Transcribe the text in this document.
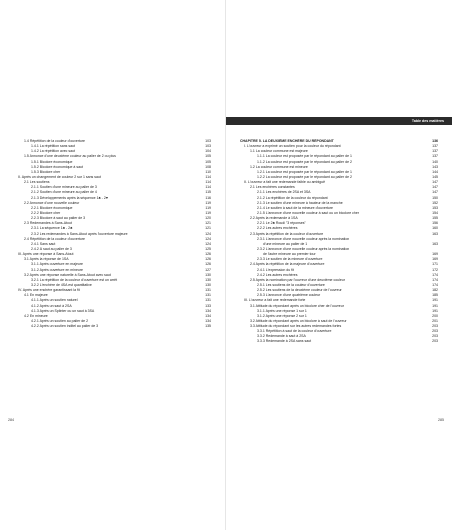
1.4 Répétition de la couleur d'ouverture	103
1.4.1 La répétition sans saut	103
1.4.2 La répétition avec saut	104
1.5 Annonce d'une deuxième couleur au palier de 2 ou plus	105
1.5.1 Bicolore économique	105
1.5.2 Bicolore économique à saut	108
1.5.3 Bicolore cher	110
II. Après un changement de couleur 2 sur 1 sans saut	114
2.1 Les soutiens	114
2.1.1 Soutien d'une mineure au palier de 3	114
2.1.2 Soutien d'une mineure au palier de 4	115
2.1.3 Développements après la séquence 1♣ - 2♥	116
2.2 Annonce d'une nouvelle couleur	119
2.2.1 Bicolore économique	119
2.2.2 Bicolore cher	119
2.2.3 Bicolore à saut au palier de 3	120
2.3 Redemandes à Sans-Atout	121
2.3.1 La séquence 1♣ - 2♣	121
2.3.2 Les redemandes à Sans-Atout après l'ouverture majeure	124
2.4 Répétition de la couleur d'ouverture	124
2.4.1 Sans saut	124
2.4.2 À saut au palier de 3	125
III. Après une réponse à Sans-Atout	126
3.1 Après la réponse de 1SA	126
3.1.1 Après ouverture en majeure	126
3.1.2 Après ouverture en mineure	127
3.2 Après une réponse naturelle à Sans-Atout avec saut	130
3.2.1 La répétition de la couleur d'ouverture est un arrêt	130
3.2.2 L'enchère de 4SA est quantitative	130
IV. Après une enchère garantissant la fit	131
4.1 En majeure	131
4.1.1 Après un soutien naturel	131
4.1.2 Après un saut à 2SA	133
4.1.3 Après un Splinter ou un saut à 3SA	134
4.2 En mineure	134
4.2.1 Après un soutien au palier de 2	134
4.2.2 Après un soutien inditel au palier de 3	135
284
Table des matières
CHAPITRE 5. LA DEUXIÈME ENCHÈRE DU RÉPONDANT	136
I. L'ouvreur a exprimé un soutien pour la couleur du répondant	137
1.1 La couleur commune est majeure	137
1.1.1 La couleur est proposée par le répondant au palier de 1	137
1.1.2 La couleur est proposée par le répondant au palier de 2	140
1.2 La couleur commune est mineure	143
1.2.1 La couleur est proposée par le répondant au palier de 1	144
1.2.2 La couleur est proposée par le répondant au palier de 2	145
II. L'ouvreur a fait une redemande faible ou ambiguë	147
2.1 Les enchères constantes	147
2.1.1 Les enchères de 2SA et 3SA	147
2.1.2 La répétition de la couleur du répondant	150
2.1.3 Le soutien d'une mineure à hauteur de la manche	152
2.1.4 Le soutien à saut de la mineure d'ouverture	153
2.1.5 L'annonce d'une nouvelle couleur à saut ou un bicolore cher	154
2.2 Après la redemande à 1SA	155
2.2.1 Le 2♣ Roudi "3 réponses"	156
2.2.2 Les autres enchères	160
2.3 Après la répétition de la couleur d'ouverture	163
2.3.1 L'annonce d'une nouvelle couleur après la nomination
d'une mineure au palier de 1	163
2.3.2 L'annonce d'une nouvelle couleur après la nomination
de l'autre mineure au premier tour	169
2.3.3 Le soutien de la mineure d'ouverture	169
2.4 Après la répétition de la majeure d'ouverture	171
2.4.1 L'expression du fit	172
2.4.2 Les autres enchères	174
2.5 Après la nomination par l'ouvreur d'une deuxième couleur	174
2.5.1 Les soutiens de la couleur d'ouverture	174
2.5.2 Les soutiens de la deuxième couleur de l'ouvreur	182
2.5.3 L'annonce d'une quatrième couleur	185
III. L'ouvreur a fait une redemande forte	191
3.1 Attitude du répondant après un bicolore cher de l'ouvreur	191
3.1.1 Après une réponse 1 sur 1	191
3.1.2 Après une réponse 2 sur 1	200
3.2 Attitude du répondant après un bicolore à saut de l'ouvreur	201
3.3 Attitude du répondant sur les autres redemandes fortes	203
3.3.1 Répétition à saut de la couleur d'ouverture	203
3.3.2 Redemande à saut à 2SA	203
3.3.3 Redemande à 2SA sans saut	203
285
